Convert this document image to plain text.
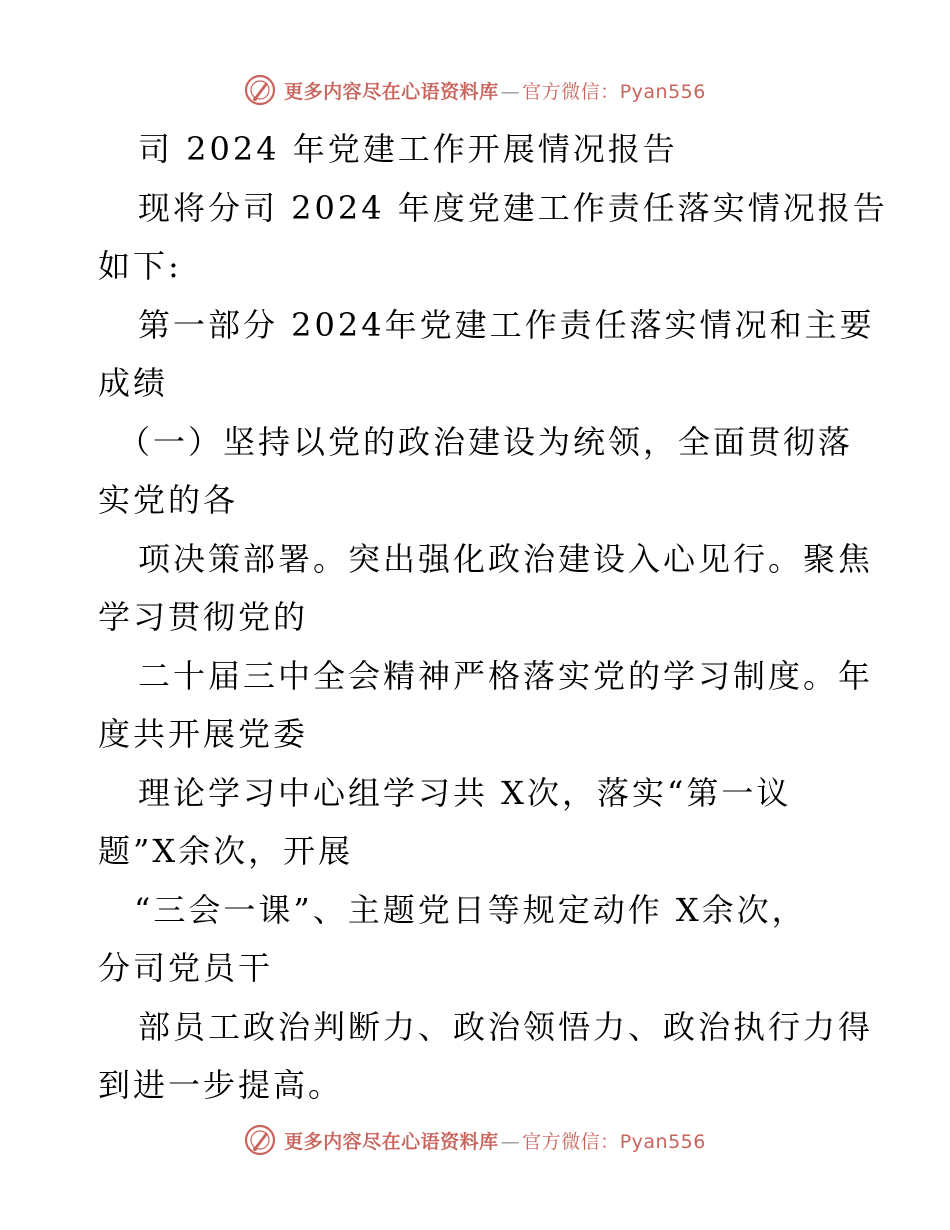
更多内容尽在心语资料库 — 官方微信：Pyan556
司 2024 年党建工作开展情况报告
现将分司 2024 年度党建工作责任落实情况报告
如下:
第一部分 2024年党建工作责任落实情况和主要
成绩
（一）坚持以党的政治建设为统领，全面贯彻落
实党的各
项决策部署。突出强化政治建设入心见行。聚焦
学习贯彻党的
二十届三中全会精神严格落实党的学习制度。年
度共开展党委
理论学习中心组学习共 X次，落实“第一议
题”X余次，开展
“三会一课”、主题党日等规定动作 X余次，
分司党员干
部员工政治判断力、政治领悟力、政治执行力得
到进一步提高。
更多内容尽在心语资料库 — 官方微信：Pyan556
